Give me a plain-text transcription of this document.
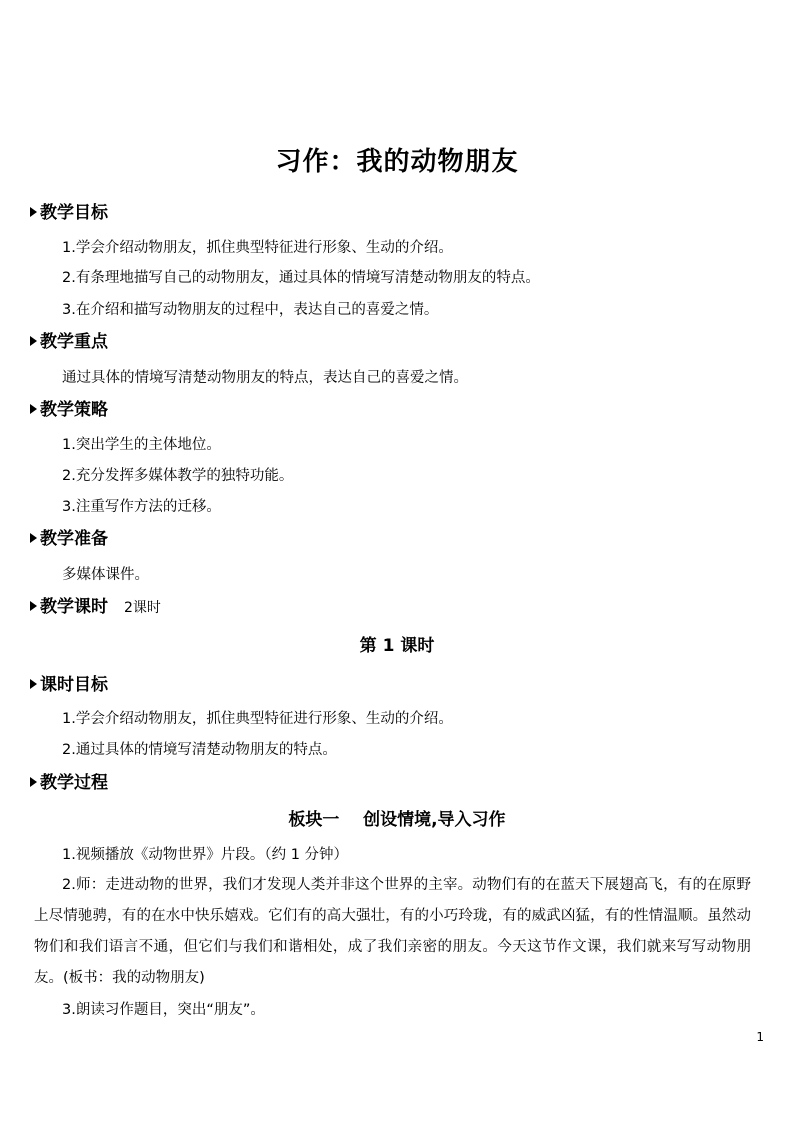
习作：我的动物朋友
教学目标
1.学会介绍动物朋友，抓住典型特征进行形象、生动的介绍。
2.有条理地描写自己的动物朋友，通过具体的情境写清楚动物朋友的特点。
3.在介绍和描写动物朋友的过程中，表达自己的喜爱之情。
教学重点
通过具体的情境写清楚动物朋友的特点，表达自己的喜爱之情。
教学策略
1.突出学生的主体地位。
2.充分发挥多媒体教学的独特功能。
3.注重写作方法的迁移。
教学准备
多媒体课件。
教学课时 2课时
第 1 课时
课时目标
1.学会介绍动物朋友，抓住典型特征进行形象、生动的介绍。
2.通过具体的情境写清楚动物朋友的特点。
教学过程
板块一    创设情境,导入习作
1.视频播放《动物世界》片段。（约 1 分钟）
2.师：走进动物的世界，我们才发现人类并非这个世界的主宰。动物们有的在蓝天下展翅高飞，有的在原野上尽情驰骋，有的在水中快乐嬉戏。它们有的高大强壮，有的小巧玲珑，有的威武凶猛，有的性情温顺。虽然动物们和我们语言不通，但它们与我们和谐相处，成了我们亲密的朋友。今天这节作文课，我们就来写写动物朋友。(板书：我的动物朋友)
3.朗读习作题目，突出“朋友”。
1
